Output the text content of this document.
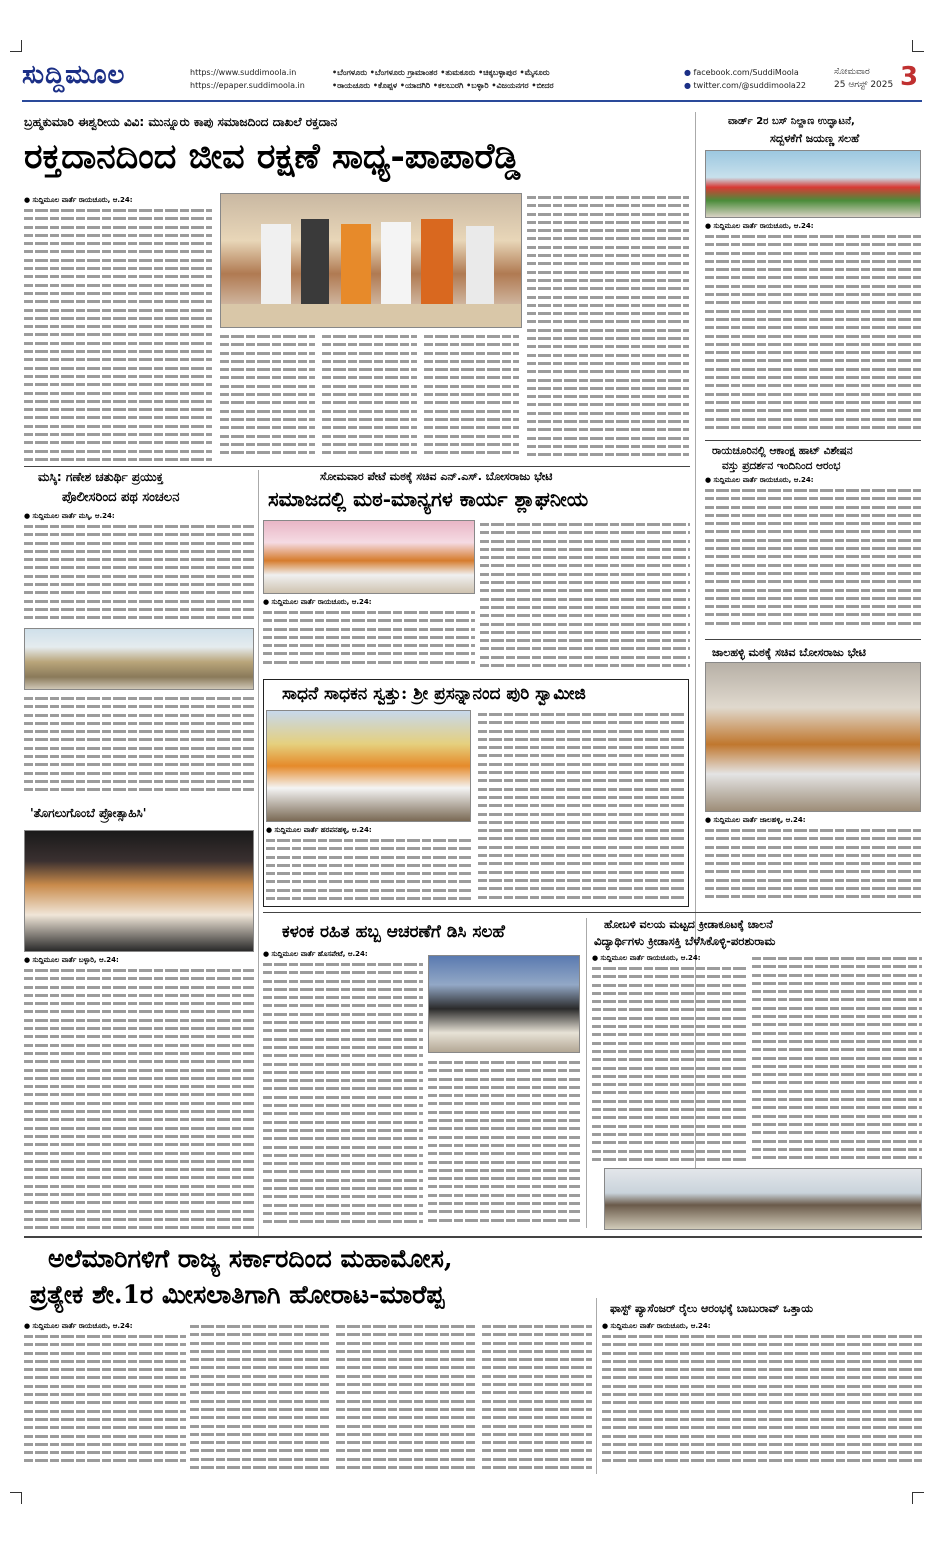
ಸುದ್ದಿಮೂಲ	https://www.suddimoola.in
https://epaper.suddimoola.in
•ಬೆಂಗಳೂರು •ಬೆಂಗಳೂರು ಗ್ರಾಮಾಂತರ •ತುಮಕೂರು •ಚಿಕ್ಕಬಳ್ಳಾಪುರ •ಮೈಸೂರು
•ರಾಯಚೂರು •ಕೊಪ್ಪಳ •ಯಾದಗಿರಿ •ಕಲಬುರಗಿ •ಬಳ್ಳಾರಿ •ವಿಜಯನಗರ •ಬೀದರ
● facebook.com/SuddiMoola
● twitter.com/@suddimoola22
ಸೋಮವಾರ
25 ಆಗಸ್ಟ್ 2025 3
ಬ್ರಹ್ಮಕುಮಾರಿ ಈಶ್ವರೀಯ ವಿವಿ: ಮುನ್ನೂರು ಕಾಪು ಸಮಾಜದಿಂದ ದಾಖಲೆ ರಕ್ತದಾನ
ರಕ್ತದಾನದಿಂದ ಜೀವ ರಕ್ಷಣೆ ಸಾಧ್ಯ-ಪಾಪಾರೆಡ್ಡಿ
● ಸುದ್ದಿಮೂಲ ವಾರ್ತೆ ರಾಯಚೂರು, ಆ.24:
ವಾರ್ಡ್ 2ರ ಬಸ್ ನಿಲ್ದಾಣ ಉದ್ಘಾಟನೆ,
ಸದ್ಬಳಕೆಗೆ ಜಯಣ್ಣ ಸಲಹೆ
● ಸುದ್ದಿಮೂಲ ವಾರ್ತೆ ರಾಯಚೂರು, ಆ.24:
ರಾಯಚೂರಿನಲ್ಲಿ ಆಕಾಂಕ್ಷ ಹಾಟ್ ವಿಶೇಷನ
ವಸ್ತು ಪ್ರದರ್ಶನ ಇಂದಿನಿಂದ ಆರಂಭ
● ಸುದ್ದಿಮೂಲ ವಾರ್ತೆ ರಾಯಚೂರು, ಆ.24:
ಜಾಲಹಳ್ಳಿ ಮಠಕ್ಕೆ ಸಚಿವ ಬೋಸರಾಜು ಭೇಟಿ
● ಸುದ್ದಿಮೂಲ ವಾರ್ತೆ ಜಾಲಹಳ್ಳಿ, ಆ.24:
ಮಸ್ಕಿ: ಗಣೇಶ ಚತುರ್ಥಿ ಪ್ರಯುಕ್ತ
ಪೊಲೀಸರಿಂದ ಪಥ ಸಂಚಲನ
● ಸುದ್ದಿಮೂಲ ವಾರ್ತೆ ಮಸ್ಕಿ, ಆ.24:
ಸೋಮವಾರ ಪೇಟೆ ಮಠಕ್ಕೆ ಸಚಿವ ಎನ್.ಎಸ್. ಬೋಸರಾಜು ಭೇಟಿ
ಸಮಾಜದಲ್ಲಿ ಮಠ-ಮಾನ್ಯಗಳ ಕಾರ್ಯ ಶ್ಲಾಘನೀಯ
● ಸುದ್ದಿಮೂಲ ವಾರ್ತೆ ರಾಯಚೂರು, ಆ.24:
ಸಾಧನೆ ಸಾಧಕನ ಸ್ವತ್ತು: ಶ್ರೀ ಪ್ರಸನ್ನಾನಂದ ಪುರಿ ಸ್ವಾಮೀಜಿ
● ಸುದ್ದಿಮೂಲ ವಾರ್ತೆ ಹರಪನಹಳ್ಳಿ, ಆ.24:
'ತೊಗಲುಗೊಂಬೆ ಪ್ರೋತ್ಸಾಹಿಸಿ'
● ಸುದ್ದಿಮೂಲ ವಾರ್ತೆ ಬಳ್ಳಾರಿ, ಆ.24:
ಕಳಂಕ ರಹಿತ ಹಬ್ಬ ಆಚರಣೆಗೆ ಡಿಸಿ ಸಲಹೆ
● ಸುದ್ದಿಮೂಲ ವಾರ್ತೆ ಹೊಸಪೇಟೆ, ಆ.24:
ಹೋಬಳಿ ವಲಯ ಮಟ್ಟದ ಕ್ರೀಡಾಕೂಟಕ್ಕೆ ಚಾಲನೆ
ವಿದ್ಯಾರ್ಥಿಗಳು ಕ್ರೀಡಾಸಕ್ತಿ ಬೆಳೆಸಿಕೊಳ್ಳಿ-ಪರಶುರಾಮ
● ಸುದ್ದಿಮೂಲ ವಾರ್ತೆ ರಾಯಚೂರು, ಆ.24:
ಅಲೆಮಾರಿಗಳಿಗೆ ರಾಜ್ಯ ಸರ್ಕಾರದಿಂದ ಮಹಾಮೋಸ,
ಪ್ರತ್ಯೇಕ ಶೇ.1ರ ಮೀಸಲಾತಿಗಾಗಿ ಹೋರಾಟ-ಮಾರೆಪ್ಪ
● ಸುದ್ದಿಮೂಲ ವಾರ್ತೆ ರಾಯಚೂರು, ಆ.24:
ಫಾಸ್ಟ್ ಪ್ಯಾಸೆಂಜರ್ ರೈಲು ಆರಂಭಕ್ಕೆ ಬಾಬುರಾವ್ ಒತ್ತಾಯ
● ಸುದ್ದಿಮೂಲ ವಾರ್ತೆ ರಾಯಚೂರು, ಆ.24:
